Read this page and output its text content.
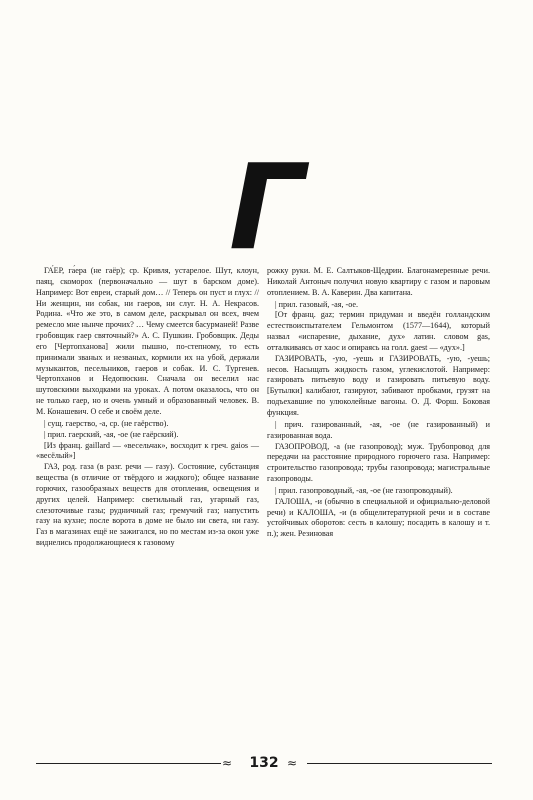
Г

ГА́ЕР, га́ера (не гаёр); ср. Кривля, устарелое. Шут, клоун, паяц, скоморох (первоначально — шут в барском доме). Например: Вот евреи, старый дом… // Теперь он пуст и глух: // Ни женщин, ни собак, ни гаеров, ни слуг. Н. А. Некрасов. Родина. «Что же это, в самом деле, раскрывал он всех, вчем ремесло мне нынче прочих? … Чему смеется басурманей! Разве гробовщик гаер святочный?» А. С. Пушкин. Гробовщик. Деды его [Чертопханова] жили пышно, по-степному, то есть принимали званых и незваных, кормили их на убой, держали музыкантов, песельников, гаеров и собак. И. С. Тургенев. Чертопханов и Недопюскин. Сначала он веселил нас шутовскими выходками на уроках. А потом оказалось, что он не только гаер, но и очень умный и образованный человек. В. М. Конашевич. О себе и своём деле.

| сущ. гаерство, -а, ср. (не гаёрство).

| прил. гаерский, -ая, -ое (не гаёрский).

[Из франц. gaillard — «весельчак», восходит к греч. gaios — «весёлый»]

ГАЗ, род. газа (в разг. речи — газу). Состояние, субстанция вещества (в отличие от твёрдого и жидкого); общее название горючих, газообразных веществ для отопления, освещения и других целей. Например: светильный газ, угарный газ, слезоточивые газы; рудничный газ; гремучий газ; напустить газу на кухне; после ворота в доме не было ни света, ни газу. Газ в магазинах ещё не зажигался, но по местам из-за окон уже виднелись продолжающиеся к газовому

рожку руки. М. Е. Салтыков-Щедрин. Благонамеренные речи. Николай Антоныч получил новую квартиру с газом и паровым отоплением. В. А. Каверин. Два капитана.

| прил. газовый, -ая, -ое.

[От франц. gaz; термин придуман и введён голландским естествоиспытателем Гельмонтом (1577—1644), который назвал «испарение, дыхание, дух» латин. словом gas, отталкиваясь от хаос и опираясь на голл. gaest — «дух».]

ГАЗИРОВАТЬ, -ую, -уешь и ГАЗИРОВАТЬ, -ую, -уешь; несов. Насыщать жидкость газом, углекислотой. Например: газировать питьевую воду и газировать питьевую воду. [Бутылки] калибают, газируют, забивают пробками, грузят на подъехавшие по улюколейные вагоны. О. Д. Форш. Боковая функция.

| прич. газированный, -ая, -ое (не газированный) и газированная вода.

ГАЗОПРОВОД, -а (не газопровод); муж. Трубопровод для передачи на расстояние природного горючего газа. Например: строительство газопровода; трубы газопровода; магистральные газопроводы.

| прил. газопроводный, -ая, -ое (не газопроводный).

ГАЛОША, -и (обычно в специальной и официально-деловой речи) и КАЛОША, -и (в общелитературной речи и в составе устойчивых оборотов: сесть в калошу; посадить в калошу и т. п.); жен. Резиновая

≈	132 ≈
